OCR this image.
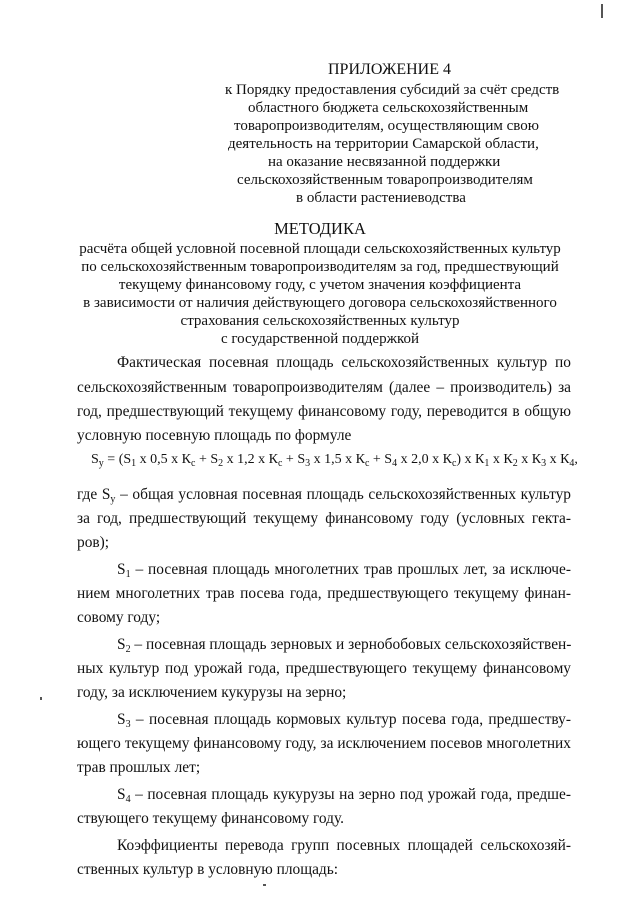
ПРИЛОЖЕНИЕ 4
к Порядку предоставления субсидий за счёт средств
областного бюджета сельскохозяйственным
товаропроизводителям, осуществляющим свою
деятельность на территории Самарской области,
на оказание несвязанной поддержки
сельскохозяйственным товаропроизводителям
в области растениеводства
МЕТОДИКА
расчёта общей условной посевной площади сельскохозяйственных культур
по сельскохозяйственным товаропроизводителям за год, предшествующий
текущему финансовому году, с учетом значения коэффициента
в зависимости от наличия действующего договора сельскохозяйственного
страхования сельскохозяйственных культур
с государственной поддержкой
Фактическая посевная площадь сельскохозяйственных культур по
сельскохозяйственным товаропроизводителям (далее – производитель) за
год, предшествующий текущему финансовому году, переводится в общую
условную посевную площадь по формуле
$S_y = (S_1$ х 0,5 х $К_c + S_2$ х 1,2 х $К_c + S_3$ х 1,5 х $К_c + S_4$ х 2,0 х $К_c$) х $К_1$ х $К_2$ х $К_3$ х $К_4$,
где $S_y$ – общая условная посевная площадь сельскохозяйственных культур
за год, предшествующий текущему финансовому году (условных гекта-
ров);
$S_1$ – посевная площадь многолетних трав прошлых лет, за исключе-
нием многолетних трав посева года, предшествующего текущему финан-
совому году;
$S_2$ – посевная площадь зерновых и зернобобовых сельскохозяйствен-
ных культур под урожай года, предшествующего текущему финансовому
году, за исключением кукурузы на зерно;
$S_3$ – посевная площадь кормовых культур посева года, предшеству-
ющего текущему финансовому году, за исключением посевов многолетних
трав прошлых лет;
$S_4$ – посевная площадь кукурузы на зерно под урожай года, предше-
ствующего текущему финансовому году.
Коэффициенты перевода групп посевных площадей сельскохозяй-
ственных культур в условную площадь:
